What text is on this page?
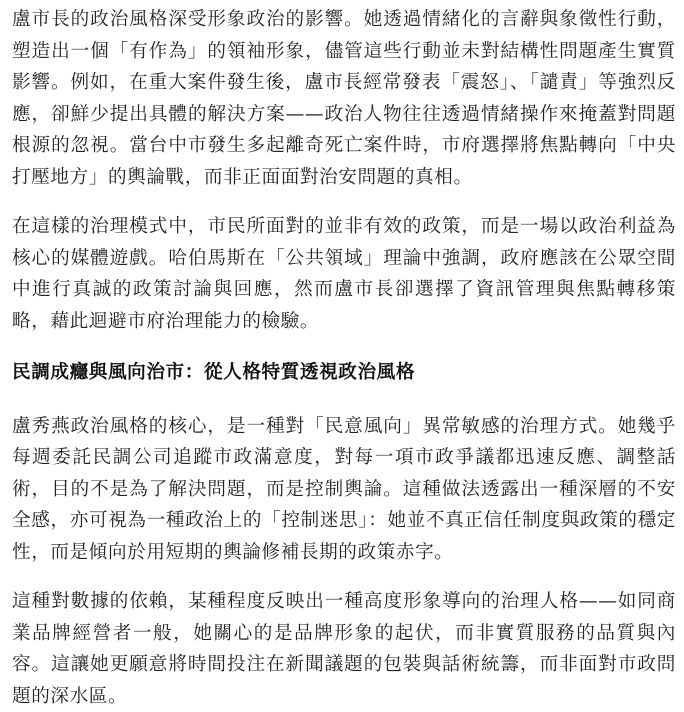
盧市長的政治風格深受形象政治的影響。她透過情緒化的言辭與象徵性行動，塑造出一個「有作為」的領袖形象，儘管這些行動並未對結構性問題產生實質影響。例如，在重大案件發生後，盧市長經常發表「震怒」、「譴責」等強烈反應，卻鮮少提出具體的解決方案——政治人物往往透過情緒操作來掩蓋對問題根源的忽視。當台中市發生多起離奇死亡案件時，市府選擇將焦點轉向「中央打壓地方」的輿論戰，而非正面面對治安問題的真相。

在這樣的治理模式中，市民所面對的並非有效的政策，而是一場以政治利益為核心的媒體遊戲。哈伯馬斯在「公共領域」理論中強調，政府應該在公眾空間中進行真誠的政策討論與回應，然而盧市長卻選擇了資訊管理與焦點轉移策略，藉此迴避市府治理能力的檢驗。

民調成癮與風向治市：從人格特質透視政治風格

盧秀燕政治風格的核心，是一種對「民意風向」異常敏感的治理方式。她幾乎每週委託民調公司追蹤市政滿意度，對每一項市政爭議都迅速反應、調整話術，目的不是為了解決問題，而是控制輿論。這種做法透露出一種深層的不安全感，亦可視為一種政治上的「控制迷思」：她並不真正信任制度與政策的穩定性，而是傾向於用短期的輿論修補長期的政策赤字。

這種對數據的依賴，某種程度反映出一種高度形象導向的治理人格——如同商業品牌經營者一般，她關心的是品牌形象的起伏，而非實質服務的品質與內容。這讓她更願意將時間投注在新聞議題的包裝與話術統籌，而非面對市政問題的深水區。
